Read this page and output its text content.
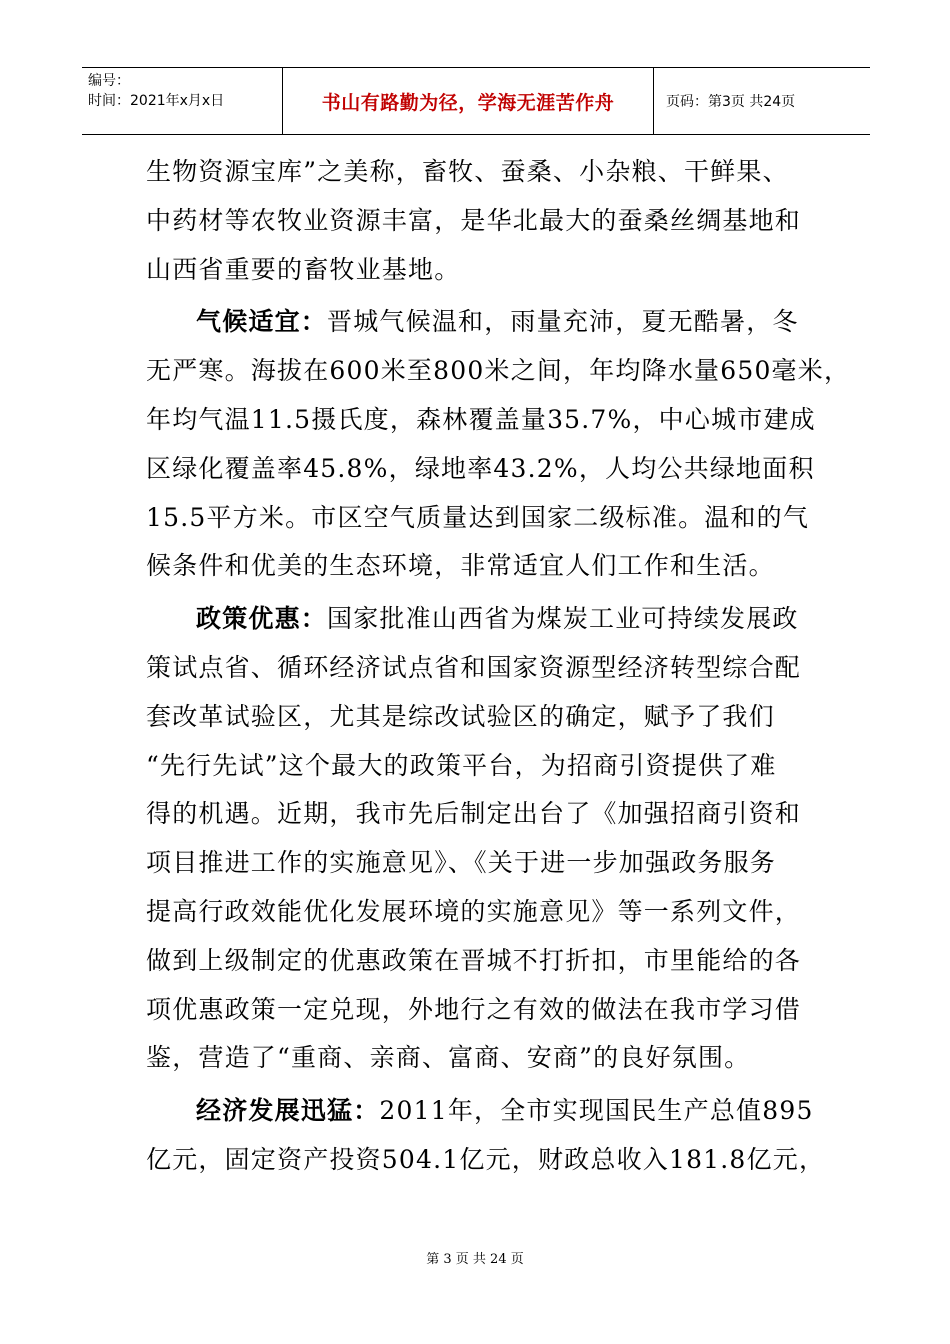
编号：
时间：2021年x月x日	书山有路勤为径，学海无涯苦作舟	页码：第3页 共24页
生物资源宝库”之美称，畜牧、蚕桑、小杂粮、干鲜果、
中药材等农牧业资源丰富，是华北最大的蚕桑丝绸基地和
山西省重要的畜牧业基地。
气候适宜：晋城气候温和，雨量充沛，夏无酷暑，冬
无严寒。海拔在600米至800米之间，年均降水量650毫米，
年均气温11.5摄氏度，森林覆盖量35.7%，中心城市建成
区绿化覆盖率45.8%，绿地率43.2%，人均公共绿地面积
15.5平方米。市区空气质量达到国家二级标准。温和的气
候条件和优美的生态环境，非常适宜人们工作和生活。
政策优惠：国家批准山西省为煤炭工业可持续发展政
策试点省、循环经济试点省和国家资源型经济转型综合配
套改革试验区，尤其是综改试验区的确定，赋予了我们
“先行先试”这个最大的政策平台，为招商引资提供了难
得的机遇。近期，我市先后制定出台了《加强招商引资和
项目推进工作的实施意见》、《关于进一步加强政务服务
提高行政效能优化发展环境的实施意见》等一系列文件，
做到上级制定的优惠政策在晋城不打折扣，市里能给的各
项优惠政策一定兑现，外地行之有效的做法在我市学习借
鉴，营造了“重商、亲商、富商、安商”的良好氛围。
经济发展迅猛：2011年，全市实现国民生产总值895
亿元，固定资产投资504.1亿元，财政总收入181.8亿元，
第 3 页 共 24 页
